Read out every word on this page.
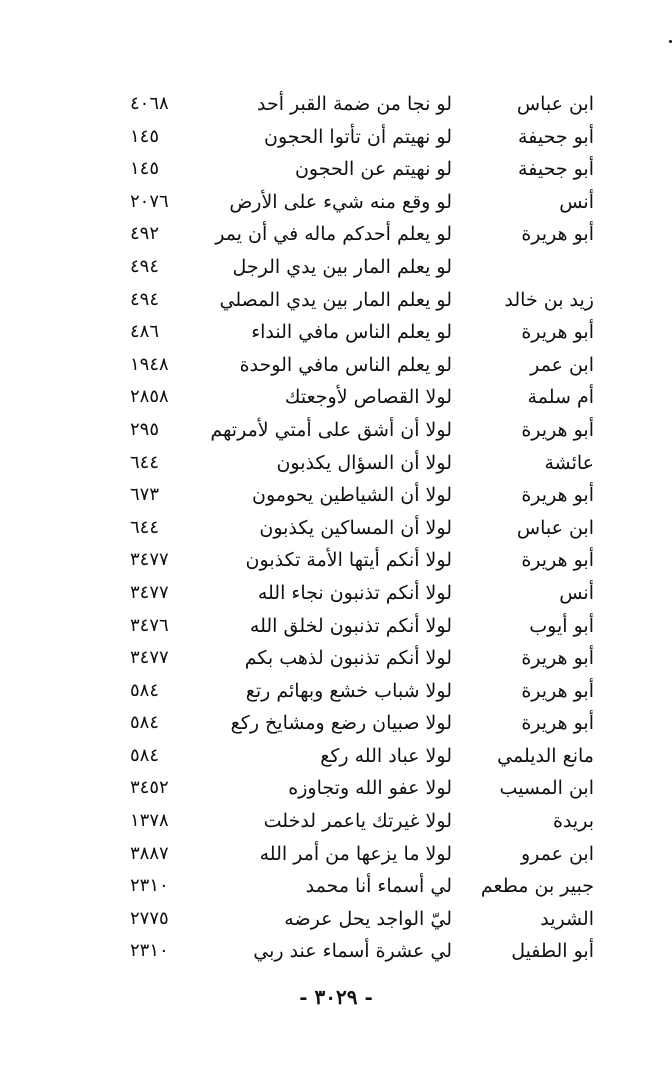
ابن عباس
لو نجا من ضمة القبر أحد
٤٠٦٨
أبو جحيفة
لو نهيتم أن تأتوا الحجون
١٤٥
أبو جحيفة
لو نهيتم عن الحجون
١٤٥
أنس
لو وقع منه شيء على الأرض
٢٠٧٦
أبو هريرة
لو يعلم أحدكم ماله في أن يمر
٤٩٢
لو يعلم المار بين يدي الرجل
٤٩٤
زيد بن خالد
لو يعلم المار بين يدي المصلي
٤٩٤
أبو هريرة
لو يعلم الناس مافي النداء
٤٨٦
ابن عمر
لو يعلم الناس مافي الوحدة
١٩٤٨
أم سلمة
لولا القصاص لأوجعتك
٢٨٥٨
أبو هريرة
لولا أن أشق على أمتي لأمرتهم
٢٩٥
عائشة
لولا أن السؤال يكذبون
٦٤٤
أبو هريرة
لولا أن الشياطين يحومون
٦٧٣
ابن عباس
لولا أن المساكين يكذبون
٦٤٤
أبو هريرة
لولا أنكم أيتها الأمة تكذبون
٣٤٧٧
أنس
لولا أنكم تذنبون نجاء الله
٣٤٧٧
أبو أيوب
لولا أنكم تذنبون لخلق الله
٣٤٧٦
أبو هريرة
لولا أنكم تذنبون لذهب بكم
٣٤٧٧
أبو هريرة
لولا شباب خشع وبهائم رتع
٥٨٤
أبو هريرة
لولا صبيان رضع ومشايخ ركع
٥٨٤
مانع الديلمي
لولا عباد الله ركع
٥٨٤
ابن المسيب
لولا عفو الله وتجاوزه
٣٤٥٢
بريدة
لولا غيرتك ياعمر لدخلت
١٣٧٨
ابن عمرو
لولا ما يزعها من أمر الله
٣٨٨٧
جبير بن مطعم
لي أسماء أنا محمد
٢٣١٠
الشريد
ليّ الواجد يحل عرضه
٢٧٧٥
أبو الطفيل
لي عشرة أسماء عند ربي
٢٣١٠
- ٣٠٢٩ -
